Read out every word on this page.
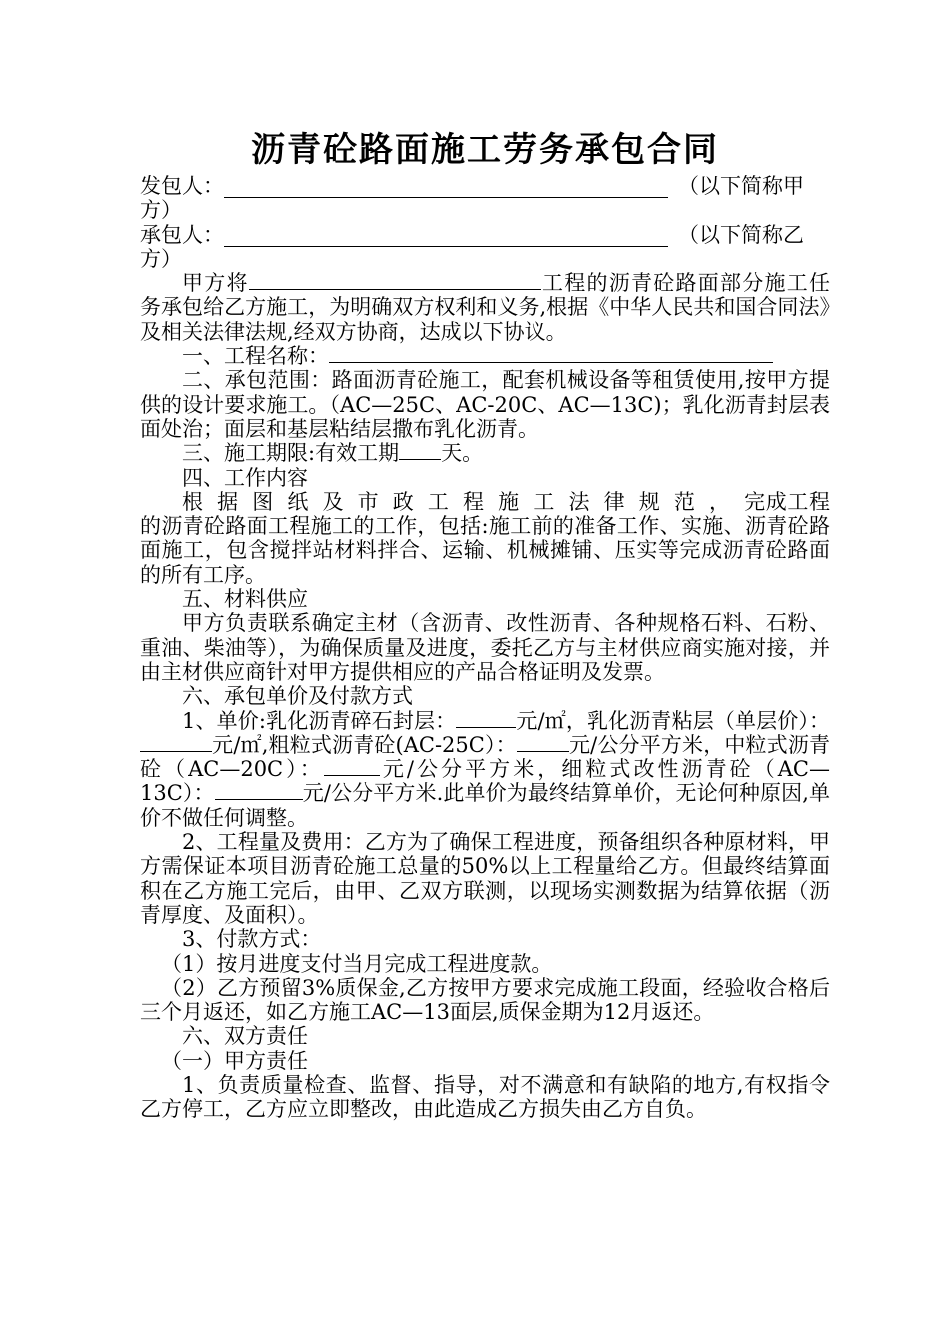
沥青砼路面施工劳务承包合同
发包人：	（以下简称甲

方）

承包人：	（以下简称乙

方）

甲方将	工程的沥青砼路面部分施工任务承包给乙方施工，为明确双方权利和义务,根据《中华人民共和国合同法》及相关法律法规,经双方协商，达成以下协议。

一、工程名称：

二、承包范围：路面沥青砼施工，配套机械设备等租赁使用,按甲方提供的设计要求施工。（AC—25C、AC-20C、AC—13C)；乳化沥青封层表面处治；面层和基层粘结层撒布乳化沥青。

三、施工期限:有效工期 天。

四、工作内容

根据图纸及市政工程施工法律规范，完成工程的沥青砼路面工程施工的工作，包括:施工前的准备工作、实施、沥青砼路面施工，包含搅拌站材料拌合、运输、机械摊铺、压实等完成沥青砼路面的所有工序。

五、材料供应

甲方负责联系确定主材（含沥青、改性沥青、各种规格石料、石粉、重油、柴油等），为确保质量及进度，委托乙方与主材供应商实施对接，并由主材供应商针对甲方提供相应的产品合格证明及发票。

六、承包单价及付款方式

1、单价:乳化沥青碎石封层：	元/㎡，乳化沥青粘层（单层价）：元/㎡,粗粒式沥青砼(AC-25C）： 元/公分平方米，中粒式沥青砼（AC—20C）：	元/公分平方米，细粒式改性沥青砼（AC—13C）：	元/公分平方米.此单价为最终结算单价，无论何种原因,单价不做任何调整。

2、工程量及费用：乙方为了确保工程进度，预备组织各种原材料，甲方需保证本项目沥青砼施工总量的50%以上工程量给乙方。但最终结算面积在乙方施工完后，由甲、乙双方联测，以现场实测数据为结算依据（沥青厚度、及面积）。

3、付款方式：

（1）按月进度支付当月完成工程进度款。

（2）乙方预留3%质保金,乙方按甲方要求完成施工段面，经验收合格后三个月返还，如乙方施工AC—13面层,质保金期为12月返还。

六、双方责任

（一）甲方责任

1、负责质量检查、监督、指导，对不满意和有缺陷的地方,有权指令乙方停工，乙方应立即整改，由此造成乙方损失由乙方自负。
